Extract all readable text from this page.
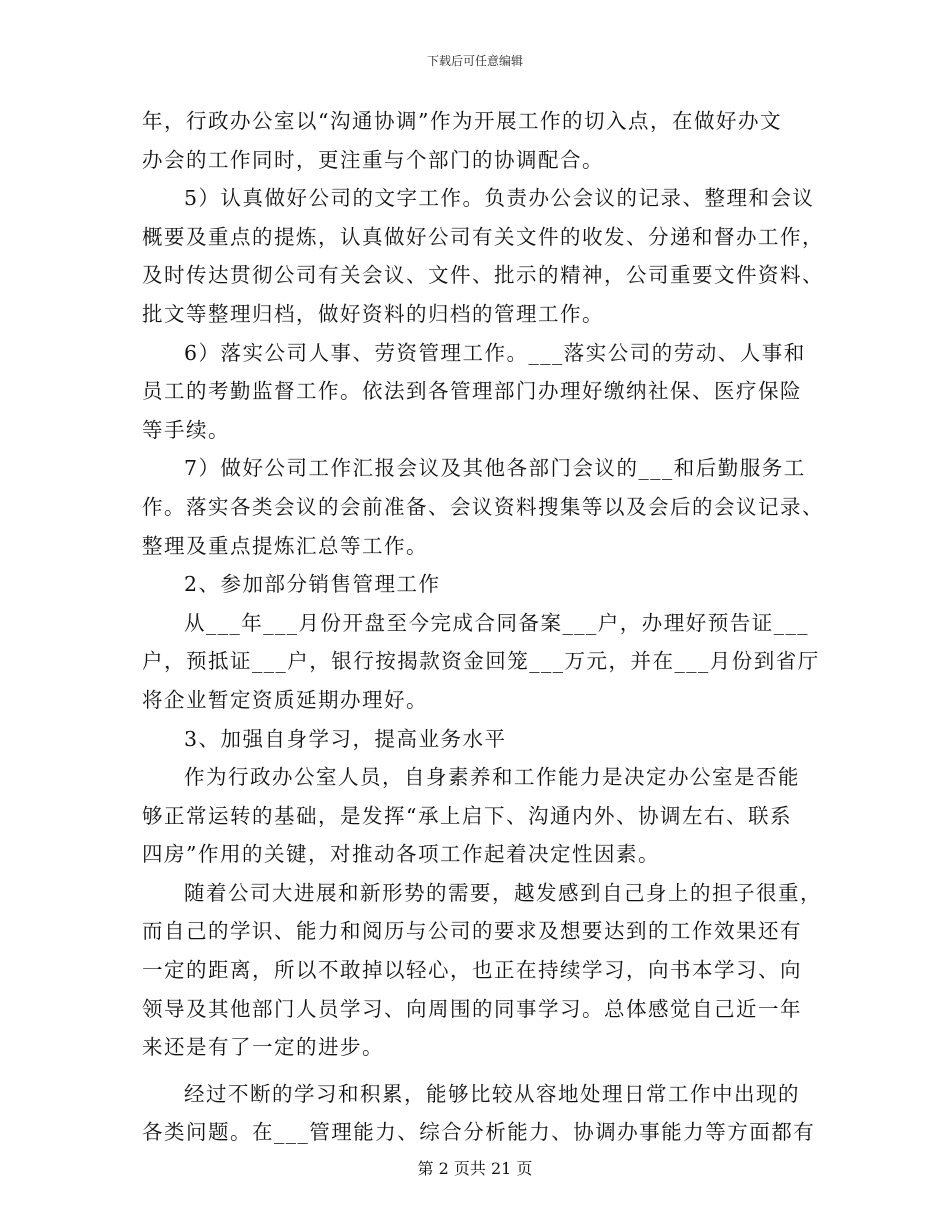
下载后可任意编辑
年，行政办公室以“沟通协调”作为开展工作的切入点，在做好办文
办会的工作同时，更注重与个部门的协调配合。
5）认真做好公司的文字工作。负责办公会议的记录、整理和会议
概要及重点的提炼，认真做好公司有关文件的收发、分递和督办工作，
及时传达贯彻公司有关会议、文件、批示的精神，公司重要文件资料、
批文等整理归档，做好资料的归档的管理工作。
6）落实公司人事、劳资管理工作。___落实公司的劳动、人事和
员工的考勤监督工作。依法到各管理部门办理好缴纳社保、医疗保险
等手续。
7）做好公司工作汇报会议及其他各部门会议的___和后勤服务工
作。落实各类会议的会前准备、会议资料搜集等以及会后的会议记录、
整理及重点提炼汇总等工作。
2、参加部分销售管理工作
从___年___月份开盘至今完成合同备案___户，办理好预告证___
户，预抵证___户，银行按揭款资金回笼___万元，并在___月份到省厅
将企业暂定资质延期办理好。
3、加强自身学习，提高业务水平
作为行政办公室人员，自身素养和工作能力是决定办公室是否能
够正常运转的基础，是发挥“承上启下、沟通内外、协调左右、联系
四房”作用的关键，对推动各项工作起着决定性因素。
随着公司大进展和新形势的需要，越发感到自己身上的担子很重，
而自己的学识、能力和阅历与公司的要求及想要达到的工作效果还有
一定的距离，所以不敢掉以轻心，也正在持续学习，向书本学习、向
领导及其他部门人员学习、向周围的同事学习。总体感觉自己近一年
来还是有了一定的进步。
经过不断的学习和积累，能够比较从容地处理日常工作中出现的
各类问题。在___管理能力、综合分析能力、协调办事能力等方面都有
第 2 页共 21 页
